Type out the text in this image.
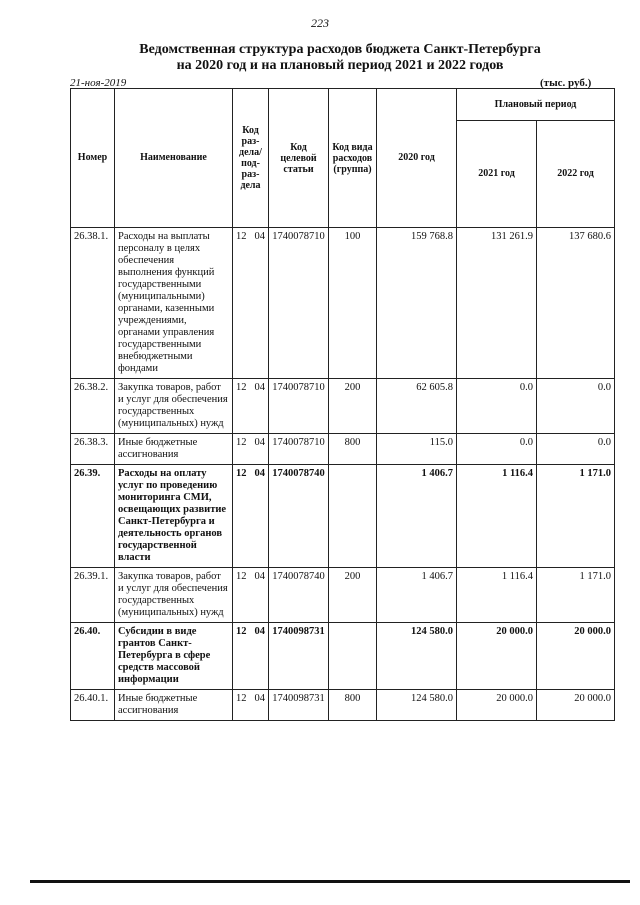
223
Ведомственная структура расходов бюджета Санкт-Петербурга
на 2020 год и на плановый период 2021 и 2022 годов
21-ноя-2019	(тыс. руб.)
Номер	Наименование	Код раз- дела/ под- раз- дела	Код целевой статьи	Код вида расходов (группа)	2020 год	Плановый период	
						2021 год	2022 год
26.38.1.	Расходы на выплаты персоналу в целях обеспечения выполнения функций государственными (муниципальными) органами, казенными учреждениями, органами управления государственными внебюджетными фондами	12 04	1740078710	100	159 768.8	131 261.9	137 680.6
26.38.2.	Закупка товаров, работ и услуг для обеспечения государственных (муниципальных) нужд	12 04	1740078710	200	62 605.8	0.0	0.0
26.38.3.	Иные бюджетные ассигнования	12 04	1740078710	800	115.0	0.0	0.0
26.39.	Расходы на оплату услуг по проведению мониторинга СМИ, освещающих развитие Санкт-Петербурга и деятельность органов государственной власти	12 04	1740078740		1 406.7	1 116.4	1 171.0
26.39.1.	Закупка товаров, работ и услуг для обеспечения государственных (муниципальных) нужд	12 04	1740078740	200	1 406.7	1 116.4	1 171.0
26.40.	Субсидии в виде грантов Санкт-Петербурга в сфере средств массовой информации	12 04	1740098731		124 580.0	20 000.0	20 000.0
26.40.1.	Иные бюджетные ассигнования	12 04	1740098731	800	124 580.0	20 000.0	20 000.0
